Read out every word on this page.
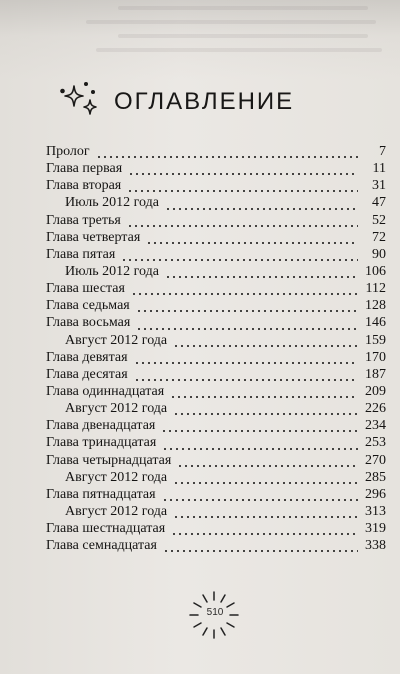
ОГЛАВЛЕНИЕ
Пролог	7
Глава первая	11
Глава вторая	31
Июль 2012 года	47
Глава третья	52
Глава четвертая	72
Глава пятая	90
Июль 2012 года	106
Глава шестая	112
Глава седьмая	128
Глава восьмая	146
Август 2012 года	159
Глава девятая	170
Глава десятая	187
Глава одиннадцатая	209
Август 2012 года	226
Глава двенадцатая	234
Глава тринадцатая	253
Глава четырнадцатая	270
Август 2012 года	285
Глава пятнадцатая	296
Август 2012 года	313
Глава шестнадцатая	319
Глава семнадцатая	338
510
